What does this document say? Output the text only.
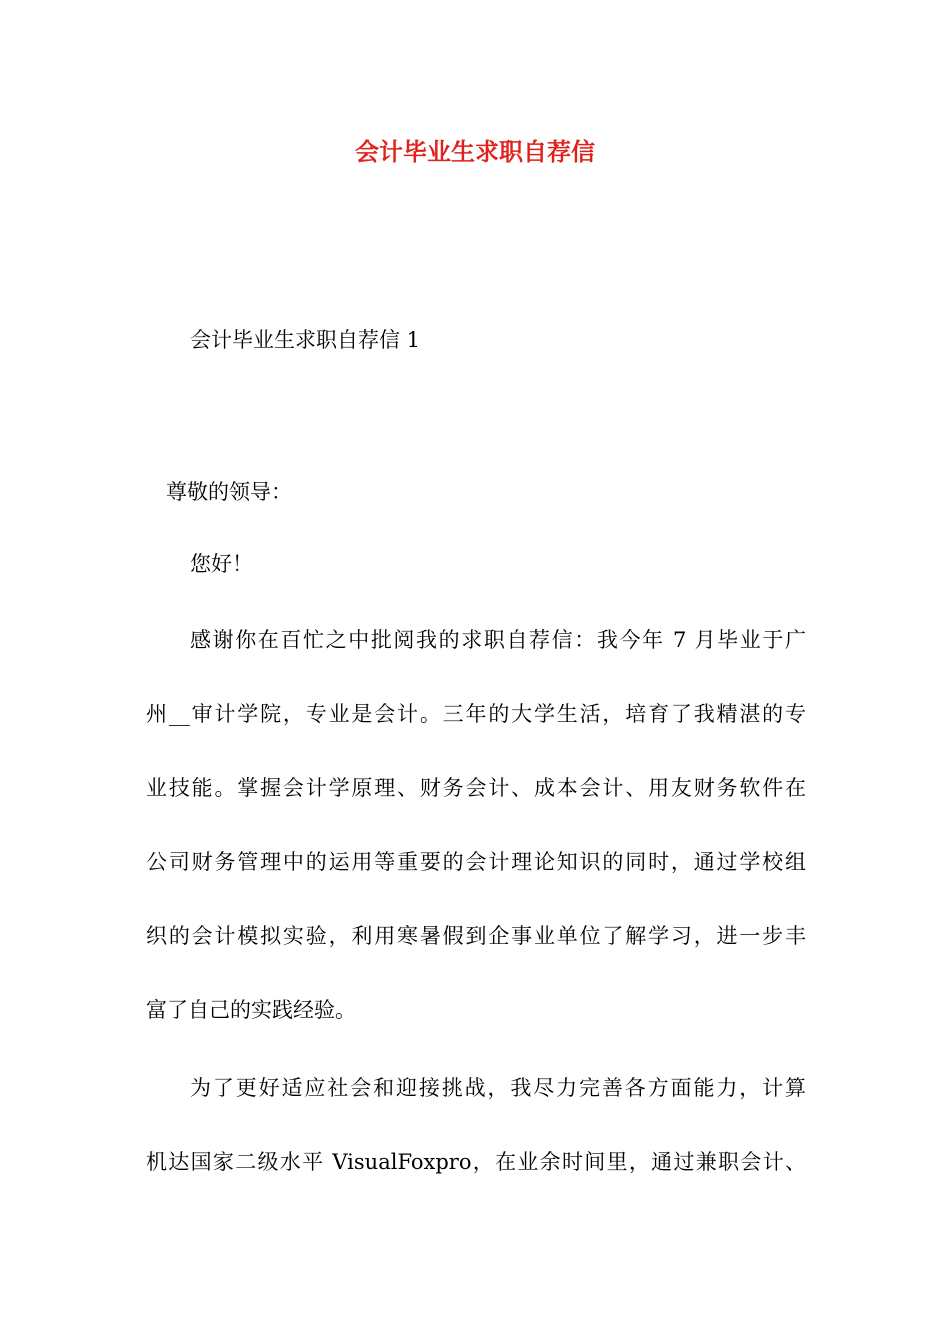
会计毕业生求职自荐信

会计毕业生求职自荐信 1

尊敬的领导：

您好！

感谢你在百忙之中批阅我的求职自荐信：我今年 7 月毕业于广
州__审计学院，专业是会计。三年的大学生活，培育了我精湛的专
业技能。掌握会计学原理、财务会计、成本会计、用友财务软件在
公司财务管理中的运用等重要的会计理论知识的同时，通过学校组
织的会计模拟实验，利用寒暑假到企事业单位了解学习，进一步丰
富了自己的实践经验。
为了更好适应社会和迎接挑战，我尽力完善各方面能力，计算
机达国家二级水平 VisualFoxpro，在业余时间里，通过兼职会计、
